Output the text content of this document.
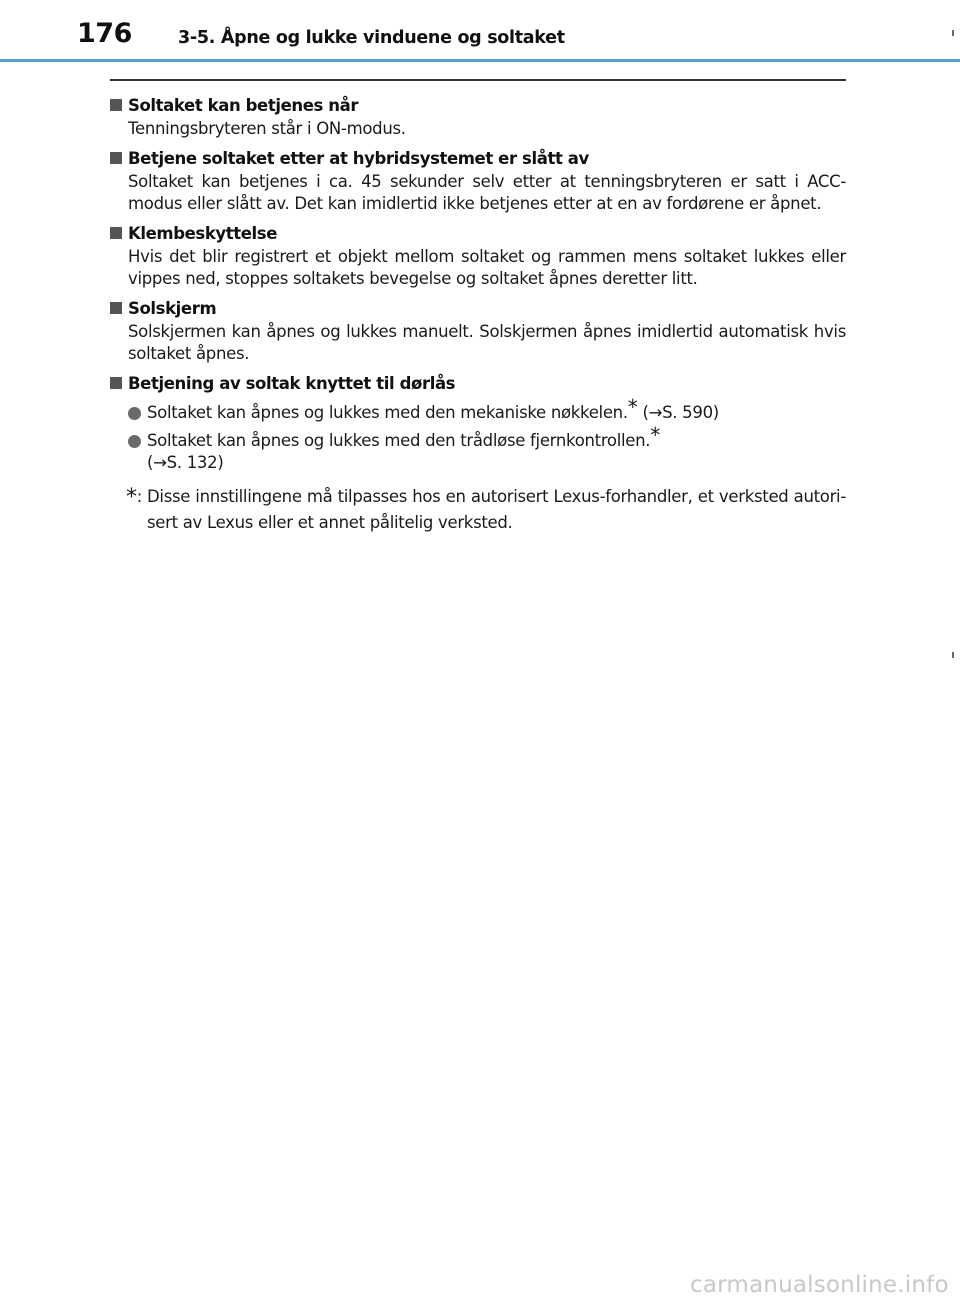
176	3-5. Åpne og lukke vinduene og soltaket
Soltaket kan betjenes når
Tenningsbryteren står i ON-modus.
Betjene soltaket etter at hybridsystemet er slått av
Soltaket kan betjenes i ca. 45 sekunder selv etter at tenningsbryteren er satt i ACC-modus eller slått av. Det kan imidlertid ikke betjenes etter at en av fordørene er åpnet.
Klembeskyttelse
Hvis det blir registrert et objekt mellom soltaket og rammen mens soltaket lukkes eller vippes ned, stoppes soltakets bevegelse og soltaket åpnes deretter litt.
Solskjerm
Solskjermen kan åpnes og lukkes manuelt. Solskjermen åpnes imidlertid automatisk hvis soltaket åpnes.
Betjening av soltak knyttet til dørlås
Soltaket kan åpnes og lukkes med den mekaniske nøkkelen.* (→S. 590)
Soltaket kan åpnes og lukkes med den trådløse fjernkontrollen.*
(→S. 132)
*: Disse innstillingene må tilpasses hos en autorisert Lexus-forhandler, et verksted autori-sert av Lexus eller et annet pålitelig verksted.
carmanualsonline.info
